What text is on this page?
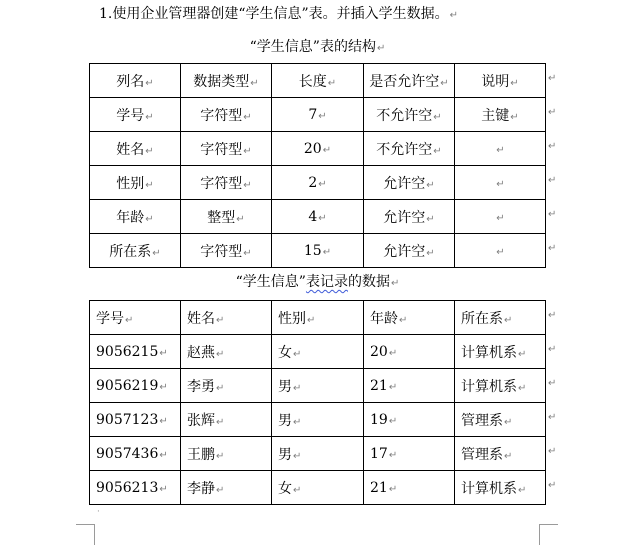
1.使用企业管理器创建“学生信息”表。并插入学生数据。↵
“学生信息”表的结构↵
列名↵	数据类型↵	长度↵	是否允许空↵	说明↵
学号↵	字符型↵	7↵	不允许空↵	主键↵
姓名↵	字符型↵	20↵	不允许空↵	↵
性别↵	字符型↵	2↵	允许空↵	↵
年龄↵	整型↵	4↵	允许空↵	↵
所在系↵	字符型↵	15↵	允许空↵	↵
“学生信息”表记录的数据↵
学号↵	姓名↵	性别↵	年龄↵	所在系↵
9056215↵	赵燕↵	女↵	20↵	计算机系↵
9056219↵	李勇↵	男↵	21↵	计算机系↵
9057123↵	张辉↵	男↵	19↵	管理系↵
9057436↵	王鹏↵	男↵	17↵	管理系↵
9056213↵	李静↵	女↵	21↵	计算机系↵
·
↵
↵
↵
↵
↵
↵
↵
↵
↵
↵
↵
↵
